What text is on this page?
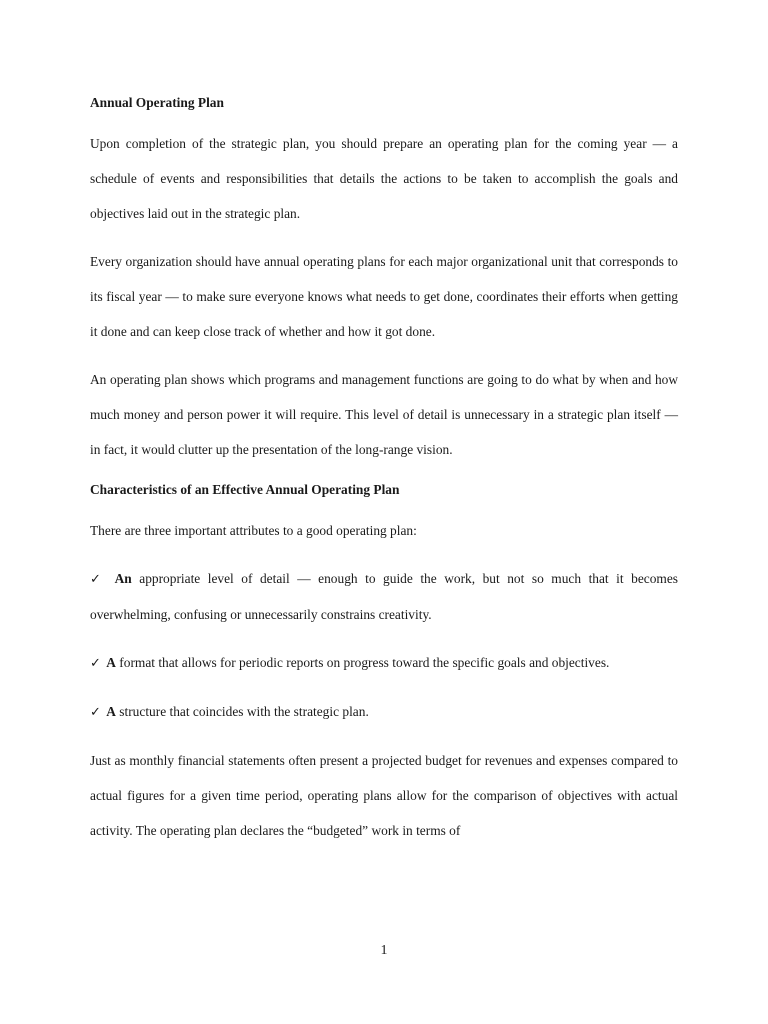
Annual Operating Plan

Upon completion of the strategic plan, you should prepare an operating plan for the coming year — a schedule of events and responsibilities that details the actions to be taken to accomplish the goals and objectives laid out in the strategic plan.

Every organization should have annual operating plans for each major organizational unit that corresponds to its fiscal year — to make sure everyone knows what needs to get done, coordinates their efforts when getting it done and can keep close track of whether and how it got done.

An operating plan shows which programs and management functions are going to do what by when and how much money and person power it will require. This level of detail is unnecessary in a strategic plan itself — in fact, it would clutter up the presentation of the long-range vision.

Characteristics of an Effective Annual Operating Plan

There are three important attributes to a good operating plan:

✓ An appropriate level of detail — enough to guide the work, but not so much that it becomes overwhelming, confusing or unnecessarily constrains creativity.

✓ A format that allows for periodic reports on progress toward the specific goals and objectives.

✓ A structure that coincides with the strategic plan.

Just as monthly financial statements often present a projected budget for revenues and expenses compared to actual figures for a given time period, operating plans allow for the comparison of objectives with actual activity. The operating plan declares the “budgeted” work in terms of

1
